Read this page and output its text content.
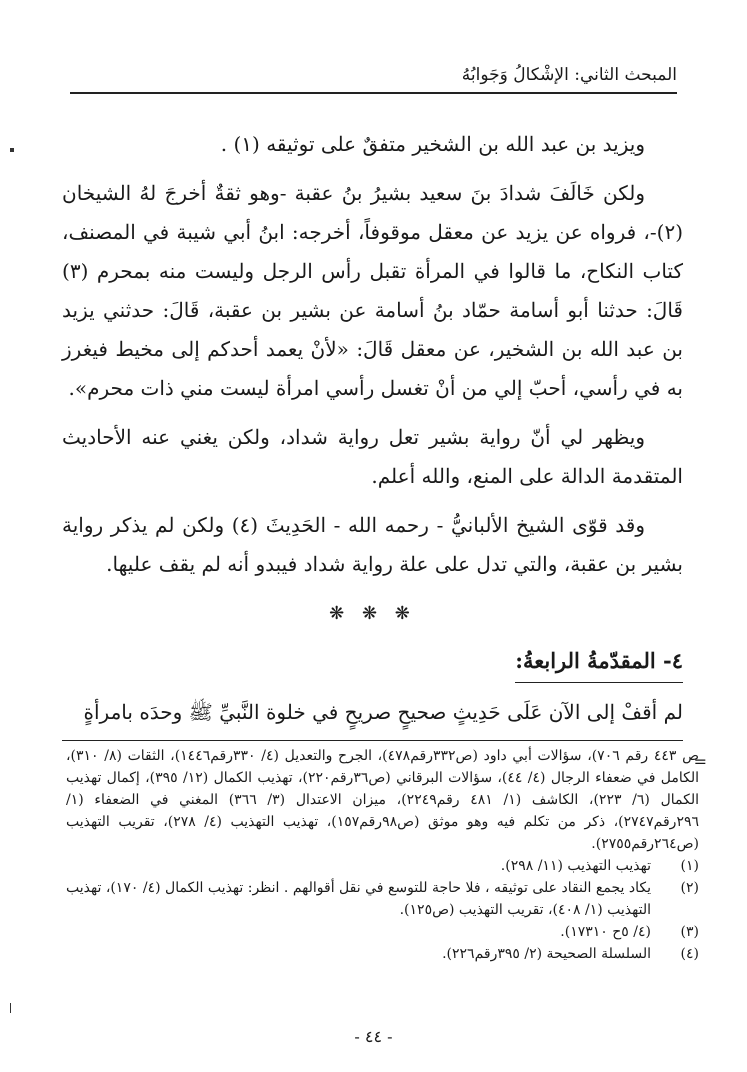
المبحث الثاني: الإشْكالُ وَجَوابُهُ

ويزيد بن عبد الله بن الشخير متفقٌ على توثيقه (١) .

ولكن خَالَفَ شدادَ بنَ سعيد بشيرُ بنُ عقبة -وهو ثقةٌ أخرجَ لهُ الشيخان (٢)-، فرواه عن يزيد عن معقل موقوفاً، أخرجه: ابنُ أبي شيبة في المصنف، كتاب النكاح، ما قالوا في المرأة تقبل رأس الرجل وليست منه بمحرم (٣) قَالَ: حدثنا أبو أسامة حمّاد بنُ أسامة عن بشير بن عقبة، قَالَ: حدثني يزيد بن عبد الله بن الشخير، عن معقل قَالَ: «لأنْ يعمد أحدكم إلى مخيط فيغرز به في رأسي، أحبّ إلي من أنْ تغسل رأسي امرأة ليست مني ذات محرم».

ويظهر لي أنّ رواية بشير تعل رواية شداد، ولكن يغني عنه الأحاديث المتقدمة الدالة على المنع، والله أعلم.

وقد قوّى الشيخ الألبانيُّ - رحمه الله - الحَدِيثَ (٤) ولكن لم يذكر رواية بشير بن عقبة، والتي تدل على علة رواية شداد فيبدو أنه لم يقف عليها.

❋ ❋ ❋
٤- المقدّمةُ الرابعةُ:

لم أقفْ إلى الآن عَلَى حَدِيثٍ صحيحٍ صريحٍ في خلوة النَّبيِّ ﷺ وحدَه بامرأةٍ

=
ص ٤٤٣ رقم ٧٠٦)، سؤالات أبي داود (ص٣٣٢رقم٤٧٨)، الجرح والتعديل (٤/ ٣٣٠رقم١٤٤٦)، الثقات (٨/ ٣١٠)، الكامل في ضعفاء الرجال (٤/ ٤٤)، سؤالات البرقاني (ص٣٦رقم٢٢٠)، تهذيب الكمال (١٢/ ٣٩٥)، إكمال تهذيب الكمال (٦/ ٢٢٣)، الكاشف (١/ ٤٨١ رقم٢٢٤٩)، ميزان الاعتدال (٣/ ٣٦٦) المغني في الضعفاء (١/ ٢٩٦رقم٢٧٤٧)، ذكر من تكلم فيه وهو موثق (ص٩٨رقم١٥٧)، تهذيب التهذيب (٤/ ٢٧٨)، تقريب التهذيب (ص٢٦٤رقم٢٧٥٥).
(١)
تهذيب التهذيب (١١/ ٢٩٨).
(٢)
يكاد يجمع النقاد على توثيقه ، فلا حاجة للتوسع في نقل أقوالهم . انظر: تهذيب الكمال (٤/ ١٧٠)، تهذيب التهذيب (١/ ٤٠٨)، تقريب التهذيب (ص١٢٥).
(٣)
(٤/ ٥ح ١٧٣١٠).
(٤)
السلسلة الصحيحة (٢/ ٣٩٥رقم٢٢٦).
- ٤٤ -
